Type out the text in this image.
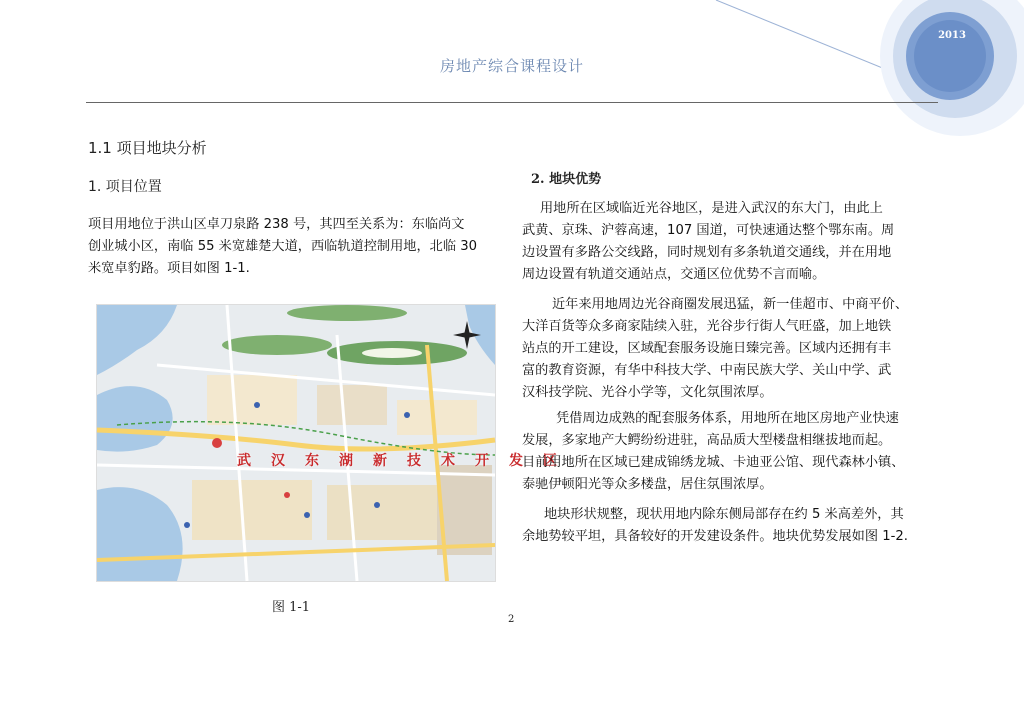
2013
房地产综合课程设计
1.1 项目地块分析
1. 项目位置
项目用地位于洪山区卓刀泉路 238 号，其四至关系为：东临尚文
创业城小区，南临 55 米宽雄楚大道，西临轨道控制用地，北临 30
米宽卓豹路。项目如图 1-1.
武汉东湖新技术开发区
图 1-1
2. 地块优势
用地所在区域临近光谷地区，是进入武汉的东大门，由此上
武黄、京珠、沪蓉高速，107 国道，可快速通达整个鄂东南。周
边设置有多路公交线路，同时规划有多条轨道交通线，并在用地
周边设置有轨道交通站点，交通区位优势不言而喻。
近年来用地周边光谷商圈发展迅猛，新一佳超市、中商平价、
大洋百货等众多商家陆续入驻，光谷步行街人气旺盛，加上地铁
站点的开工建设，区域配套服务设施日臻完善。区域内还拥有丰
富的教育资源，有华中科技大学、中南民族大学、关山中学、武
汉科技学院、光谷小学等，文化氛围浓厚。
凭借周边成熟的配套服务体系，用地所在地区房地产业快速
发展，多家地产大鳄纷纷进驻，高品质大型楼盘相继拔地而起。
目前用地所在区域已建成锦绣龙城、卡迪亚公馆、现代森林小镇、
泰驰伊顿阳光等众多楼盘，居住氛围浓厚。
地块形状规整，现状用地内除东侧局部存在约 5 米高差外，其
余地势较平坦，具备较好的开发建设条件。地块优势发展如图 1-2.
2
